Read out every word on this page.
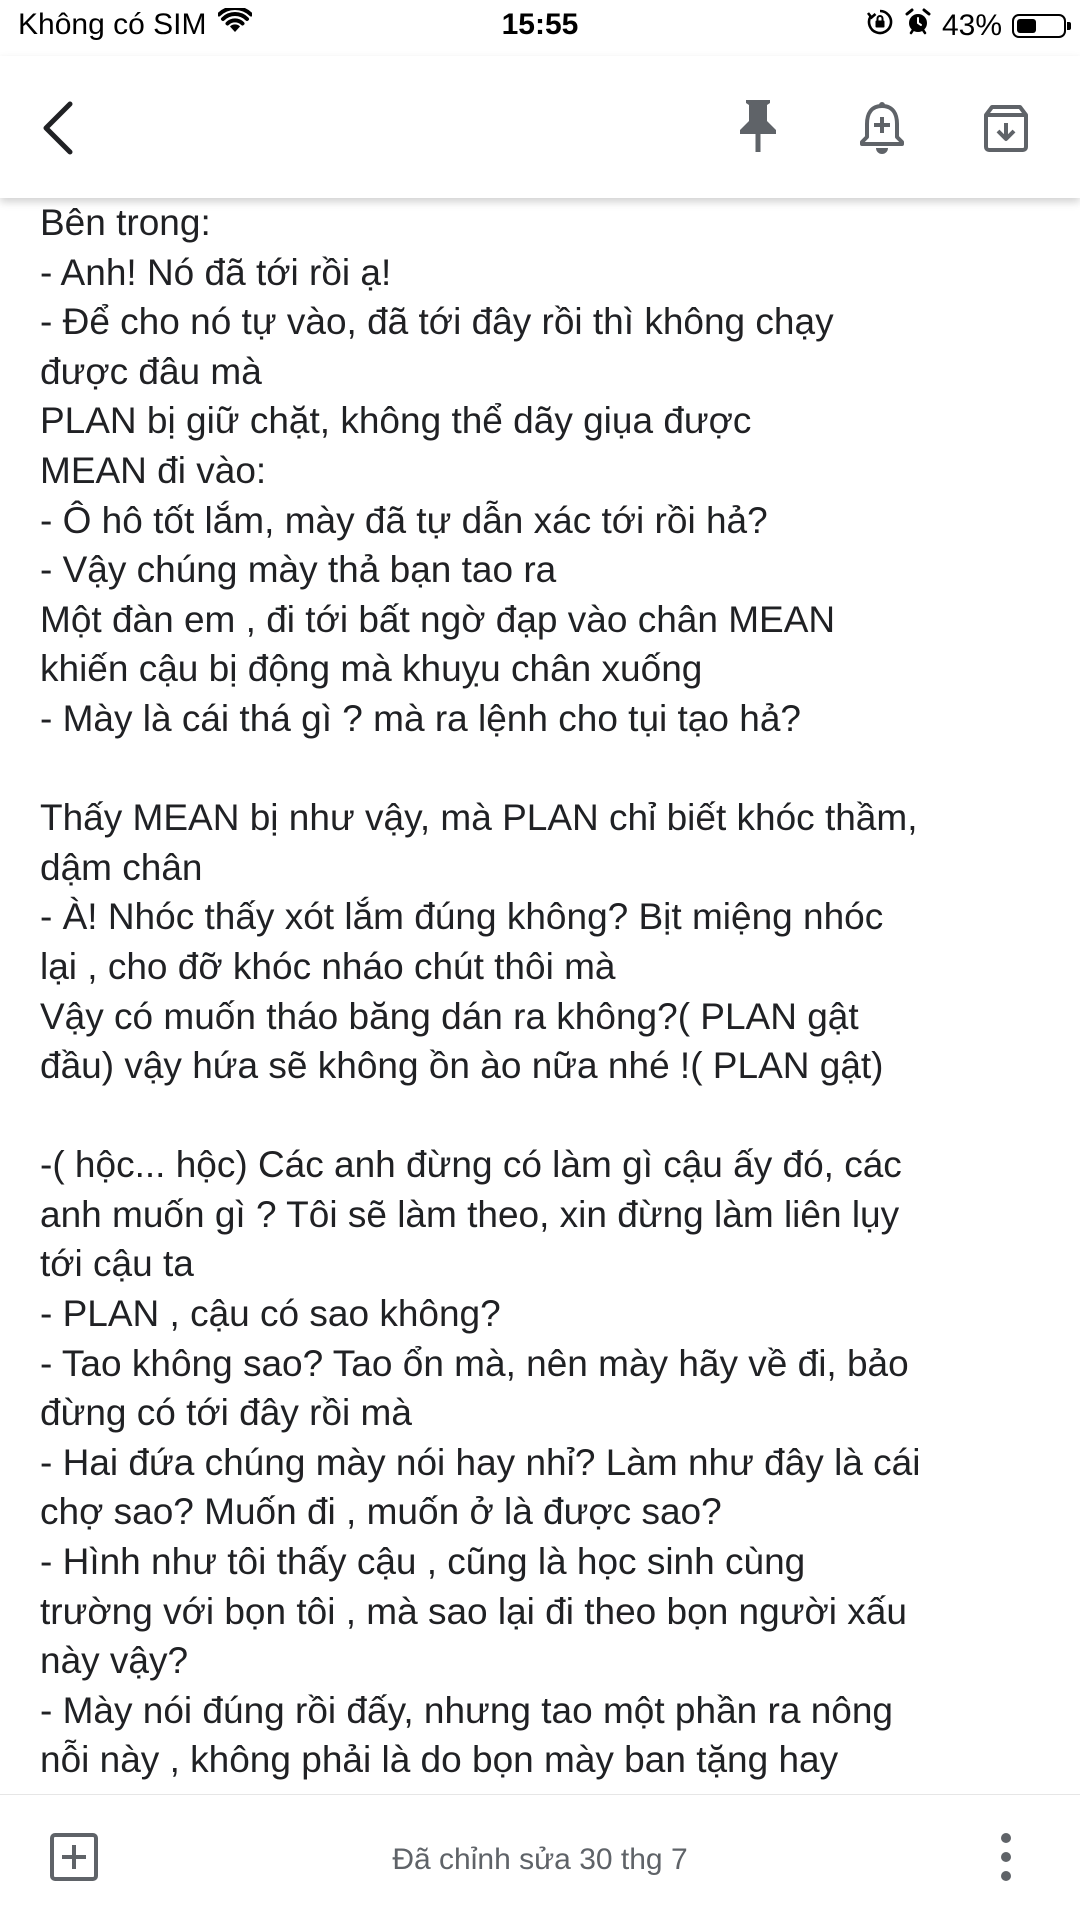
Không có SIM	15:55	43%
Bên trong:
- Anh! Nó đã tới rồi ạ!
- Để cho nó tự vào, đã tới đây rồi thì không chạy
được đâu mà
PLAN bị giữ chặt, không thể dãy giụa được
MEAN đi vào:
- Ô hô tốt lắm, mày đã tự dẫn xác tới rồi hả?
- Vậy chúng mày thả bạn tao ra
Một đàn em , đi tới bất ngờ đạp vào chân MEAN
khiến cậu bị động mà khuỵu chân xuống
- Mày là cái thá gì ? mà ra lệnh cho tụi tạo hả?
Thấy MEAN bị như vậy, mà PLAN chỉ biết khóc thầm,
dậm chân
- À! Nhóc thấy xót lắm đúng không? Bịt miệng nhóc
lại , cho đỡ khóc nháo chút thôi mà
Vậy có muốn tháo băng dán ra không?( PLAN gật
đầu) vậy hứa sẽ không ồn ào nữa nhé !( PLAN gật)
-( hộc... hộc) Các anh đừng có làm gì cậu ấy đó, các
anh muốn gì ? Tôi sẽ làm theo, xin đừng làm liên lụy
tới cậu ta
- PLAN , cậu có sao không?
- Tao không sao? Tao ổn mà, nên mày hãy về đi, bảo
đừng có tới đây rồi mà
- Hai đứa chúng mày nói hay nhỉ? Làm như đây là cái
chợ sao? Muốn đi , muốn ở là được sao?
- Hình như tôi thấy cậu , cũng là học sinh cùng
trường với bọn tôi , mà sao lại đi theo bọn người xấu
này vậy?
- Mày nói đúng rồi đấy, nhưng tao một phần ra nông
nỗi này , không phải là do bọn mày ban tặng hay
Đã chỉnh sửa 30 thg 7
